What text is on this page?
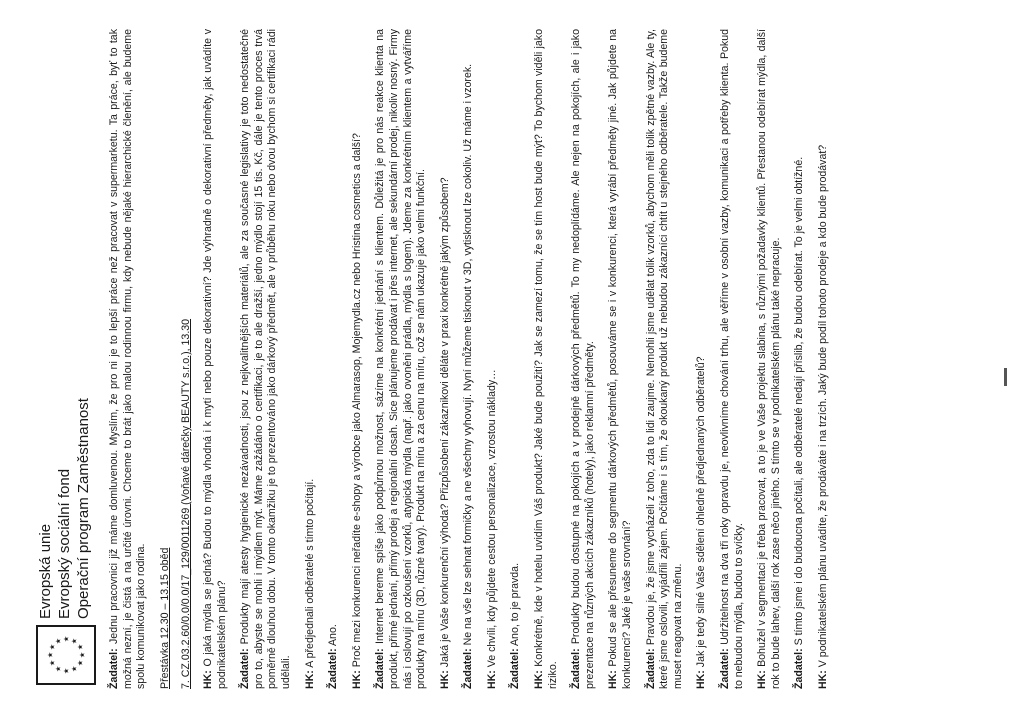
★ ★
★
★
★
★
★
★
★
★
★
★
Evropská unie Evropský sociální fond Operační program Zaměstnanost
Žadatel: Jednu pracovnici již máme domluvenou. Myslím, že pro ni je to lepší práce než pracovat v supermarketu. Ta práce, byť to tak možná nezní, je čistá a na určité úrovni. Chceme to brát jako malou rodinnou firmu, kdy nebude nějaké hierarchické členění, ale budeme spolu komunikovat jako rodina. Přestávka 12.30 – 13.15 oběd 7. CZ.03.2.60/0.0/0.0/17_129/0011269 (Voňavé dárečky BEAUTY s.r.o.), 13.30 HK: O jaká mýdla se jedná? Budou to mýdla vhodná i k mytí nebo pouze dekorativní? Jde výhradně o dekorativní předměty, jak uvádíte v podnikatelském plánu? Žadatel: Produkty mají atesty hygienické nezávadnosti, jsou z nejkvalitnějších materiálů, ale za současné legislativy je toto nedostatečné pro to, abyste se mohli i mýdlem mýt. Máme zažádáno o certifikaci, je to ale dražší, jedno mýdlo stojí 15 tis. Kč, dále je tento proces trvá poměrně dlouhou dobu. V tomto okamžiku je to prezentováno jako dárkový předmět, ale v průběhu roku nebo dvou bychom si certifikaci rádi udělali. HK: A předjednali odběratelé s tímto počítají. Žadatel: Ano.
HK: Proč mezi konkurenci neřadíte e-shopy a výrobce jako Almarasop, Mojemydla.cz nebo Hristina cosmetics a další? Žadatel: Internet bereme spíše jako podpůrnou možnost, sázíme na konkrétní jednání s klientem. Důležitá je pro nás reakce klienta na produkt, přímé jednání, přímý prodej a regionální dosah. Sice plánujeme prodávat i přes internet, ale sekundární prodej, nikoliv nosný. Firmy nás i oslovují po ozkoušení vzorků, atypická mýdla (např. jako ovoněni prádla, mýdla s logem). Jdeme za konkrétním klientem a vytváříme produkty na míru (3D, různé tvary). Produkt na míru a za cenu na míru, což se nám ukazuje jako velmi funkční. HK: Jaká je Vaše konkurenční výhoda? Přizpůsobení zákaznikovi děláte v praxi konkrétně jakým způsobem? Žadatel: Ne na vše lze sehnat formičky a ne všechny vyhovují. Nyní můžeme tisknout v 3D, vytisknout lze cokoliv. Už máme i vzorek.
HK: Ve chvíli, kdy půjdete cestou personalizace, vzrostou náklady… Žadatel: Ano, to je pravda.
HK: Konkrétně, kde v hotelu uvidím Váš produkt? Jaké bude použití? Jak se zamezí tomu, že se tím host bude mýt? To bychom viděli jako riziko. Žadatel: Produkty budou dostupné na pokojích a v prodejně dárkových předmětů. To my nedoplídáme. Ale nejen na pokojích, ale i jako prezentace na různých akcích zákazníků (hotely), jako reklamní předměty. HK: Pokud se ale přesuneme do segmentu dárkových předmětů, posouváme se i v konkurenci, která vyrábí předměty jiné. Jak půjdete na konkurenci? Jaké je vaše srovnání? Žadatel: Pravdou je, že jsme vycházeli z toho, zda to lidi zaujme. Nemohli jsme udělat tolik vzorků, abychom měli tolik zpětné vazby. Ale ty, které jsme oslovili, vyjádřili zájem. Počítáme i s tím, že okoukaný produkt už nebudou zákazníci chtít u stejného odběratele. Takže budeme muset reagovat na změnu. HK: Jak je tedy silné Vaše sdělení ohledně předjednaných odběratelů? Žadatel: Udržitelnost na dva tři roky opravdu je, neovlivníme chování trhu, ale věříme v osobní vazby, komunikaci a potřeby klienta. Pokud to nebudou mýdla, budou to svíčky. HK: Bohužel v segmentaci je třeba pracovat, a to je ve Vaše projektu slabina, s různými požadavky klientů. Přestanou odebírat mýdla, další rok to bude lahev, další rok zase něco jiného. S tímto se v podnikatelském plánu také nepracuje. Žadatel: S tímto jsme i do budoucna počítali, ale odběratelé nedají příslib, že budou odebírat. To je velmi obtížné.
HK: V podnikatelském plánu uvádíte, že prodáváte i na trzích. Jaký bude podíl tohoto prodeje a kdo bude prodávat?
